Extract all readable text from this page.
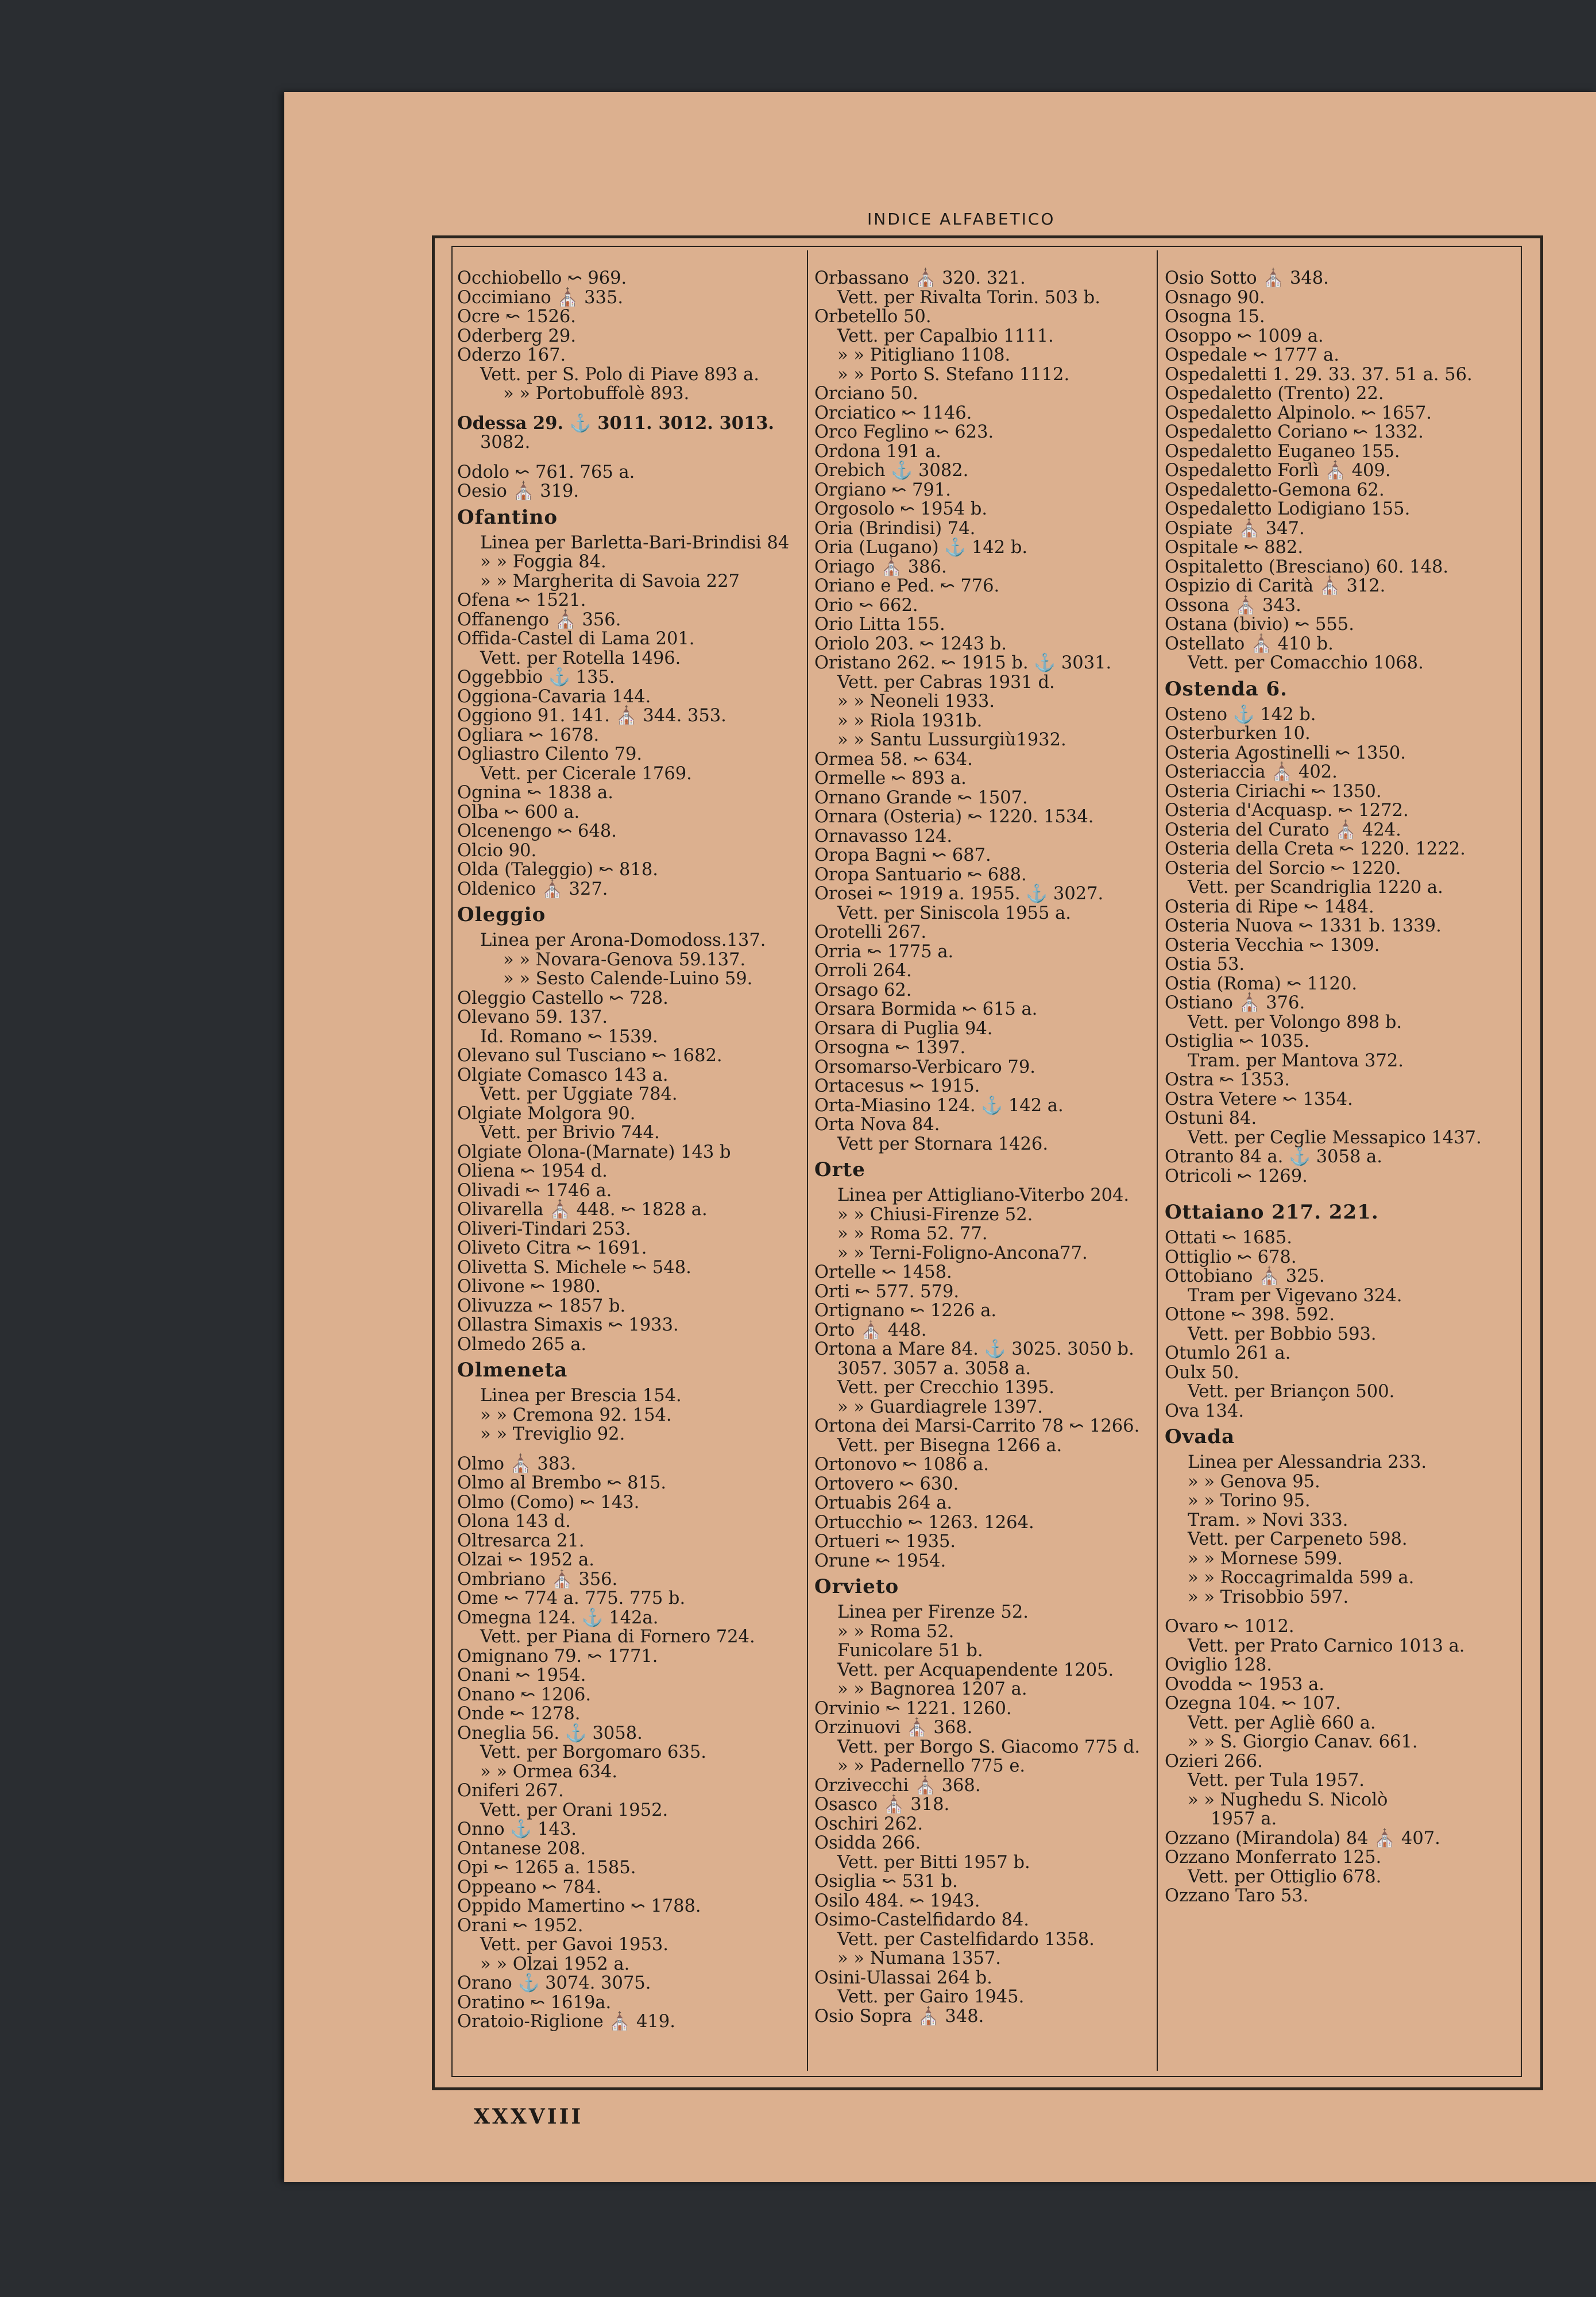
INDICE ALFABETICO
Occhiobello ↜ 969.
Occimiano ⛪ 335.
Ocre ↜ 1526.
Oderberg 29.
Oderzo 167.
Vett. per S. Polo di Piave 893 a.
» » Portobuffolè 893.
Odessa 29. ⚓ 3011. 3012. 3013.
3082.
Odolo ↜ 761. 765 a.
Oesio ⛪ 319.
Ofantino
Linea per Barletta-Bari-Brindisi 84
» » Foggia 84.
» » Margherita di Savoia 227
Ofena ↜ 1521.
Offanengo ⛪ 356.
Offida-Castel di Lama 201.
Vett. per Rotella 1496.
Oggebbio ⚓ 135.
Oggiona-Cavaria 144.
Oggiono 91. 141. ⛪ 344. 353.
Ogliara ↜ 1678.
Ogliastro Cilento 79.
Vett. per Cicerale 1769.
Ognina ↜ 1838 a.
Olba ↜ 600 a.
Olcenengo ↜ 648.
Olcio 90.
Olda (Taleggio) ↜ 818.
Oldenico ⛪ 327.
Oleggio
Linea per Arona-Domodoss.137.
» » Novara-Genova 59.137.
» » Sesto Calende-Luino 59.
Oleggio Castello ↜ 728.
Olevano 59. 137.
Id. Romano ↜ 1539.
Olevano sul Tusciano ↜ 1682.
Olgiate Comasco 143 a.
Vett. per Uggiate 784.
Olgiate Molgora 90.
Vett. per Brivio 744.
Olgiate Olona-(Marnate) 143 b
Oliena ↜ 1954 d.
Olivadi ↜ 1746 a.
Olivarella ⛪ 448. ↜ 1828 a.
Oliveri-Tindari 253.
Oliveto Citra ↜ 1691.
Olivetta S. Michele ↜ 548.
Olivone ↜ 1980.
Olivuzza ↜ 1857 b.
Ollastra Simaxis ↜ 1933.
Olmedo 265 a.
Olmeneta
Linea per Brescia 154.
» » Cremona 92. 154.
» » Treviglio 92.
Olmo ⛪ 383.
Olmo al Brembo ↜ 815.
Olmo (Como) ↜ 143.
Olona 143 d.
Oltresarca 21.
Olzai ↜ 1952 a.
Ombriano ⛪ 356.
Ome ↜ 774 a. 775. 775 b.
Omegna 124. ⚓ 142a.
Vett. per Piana di Fornero 724.
Omignano 79. ↜ 1771.
Onani ↜ 1954.
Onano ↜ 1206.
Onde ↜ 1278.
Oneglia 56. ⚓ 3058.
Vett. per Borgomaro 635.
» » Ormea 634.
Oniferi 267.
Vett. per Orani 1952.
Onno ⚓ 143.
Ontanese 208.
Opi ↜ 1265 a. 1585.
Oppeano ↜ 784.
Oppido Mamertino ↜ 1788.
Orani ↜ 1952.
Vett. per Gavoi 1953.
» » Olzai 1952 a.
Orano ⚓ 3074. 3075.
Oratino ↜ 1619a.
Oratoio-Riglione ⛪ 419.
Orbassano ⛪ 320. 321.
Vett. per Rivalta Torin. 503 b.
Orbetello 50.
Vett. per Capalbio 1111.
» » Pitigliano 1108.
» » Porto S. Stefano 1112.
Orciano 50.
Orciatico ↜ 1146.
Orco Feglino ↜ 623.
Ordona 191 a.
Orebich ⚓ 3082.
Orgiano ↜ 791.
Orgosolo ↜ 1954 b.
Oria (Brindisi) 74.
Oria (Lugano) ⚓ 142 b.
Oriago ⛪ 386.
Oriano e Ped. ↜ 776.
Orio ↜ 662.
Orio Litta 155.
Oriolo 203. ↜ 1243 b.
Oristano 262. ↜ 1915 b. ⚓ 3031.
Vett. per Cabras 1931 d.
» » Neoneli 1933.
» » Riola 1931b.
» » Santu Lussurgiù1932.
Ormea 58. ↜ 634.
Ormelle ↜ 893 a.
Ornano Grande ↜ 1507.
Ornara (Osteria) ↜ 1220. 1534.
Ornavasso 124.
Oropa Bagni ↜ 687.
Oropa Santuario ↜ 688.
Orosei ↜ 1919 a. 1955. ⚓ 3027.
Vett. per Siniscola 1955 a.
Orotelli 267.
Orria ↜ 1775 a.
Orroli 264.
Orsago 62.
Orsara Bormida ↜ 615 a.
Orsara di Puglia 94.
Orsogna ↜ 1397.
Orsomarso-Verbicaro 79.
Ortacesus ↜ 1915.
Orta-Miasino 124. ⚓ 142 a.
Orta Nova 84.
Vett per Stornara 1426.
Orte
Linea per Attigliano-Viterbo 204.
» » Chiusi-Firenze 52.
» » Roma 52. 77.
» » Terni-Foligno-Ancona77.
Ortelle ↜ 1458.
Orti ↜ 577. 579.
Ortignano ↜ 1226 a.
Orto ⛪ 448.
Ortona a Mare 84. ⚓ 3025. 3050 b.
3057. 3057 a. 3058 a.
Vett. per Crecchio 1395.
» » Guardiagrele 1397.
Ortona dei Marsi-Carrito 78 ↜ 1266.
Vett. per Bisegna 1266 a.
Ortonovo ↜ 1086 a.
Ortovero ↜ 630.
Ortuabis 264 a.
Ortucchio ↜ 1263. 1264.
Ortueri ↜ 1935.
Orune ↜ 1954.
Orvieto
Linea per Firenze 52.
» » Roma 52.
Funicolare 51 b.
Vett. per Acquapendente 1205.
» » Bagnorea 1207 a.
Orvinio ↜ 1221. 1260.
Orzinuovi ⛪ 368.
Vett. per Borgo S. Giacomo 775 d.
» » Padernello 775 e.
Orzivecchi ⛪ 368.
Osasco ⛪ 318.
Oschiri 262.
Osidda 266.
Vett. per Bitti 1957 b.
Osiglia ↜ 531 b.
Osilo 484. ↜ 1943.
Osimo-Castelfidardo 84.
Vett. per Castelfidardo 1358.
» » Numana 1357.
Osini-Ulassai 264 b.
Vett. per Gairo 1945.
Osio Sopra ⛪ 348.
Osio Sotto ⛪ 348.
Osnago 90.
Osogna 15.
Osoppo ↜ 1009 a.
Ospedale ↜ 1777 a.
Ospedaletti 1. 29. 33. 37. 51 a. 56.
Ospedaletto (Trento) 22.
Ospedaletto Alpinolo. ↜ 1657.
Ospedaletto Coriano ↜ 1332.
Ospedaletto Euganeo 155.
Ospedaletto Forlì ⛪ 409.
Ospedaletto-Gemona 62.
Ospedaletto Lodigiano 155.
Ospiate ⛪ 347.
Ospitale ↜ 882.
Ospitaletto (Bresciano) 60. 148.
Ospizio di Carità ⛪ 312.
Ossona ⛪ 343.
Ostana (bivio) ↜ 555.
Ostellato ⛪ 410 b.
Vett. per Comacchio 1068.
Ostenda 6.
Osteno ⚓ 142 b.
Osterburken 10.
Osteria Agostinelli ↜ 1350.
Osteriaccia ⛪ 402.
Osteria Ciriachi ↜ 1350.
Osteria d'Acquasp. ↜ 1272.
Osteria del Curato ⛪ 424.
Osteria della Creta ↜ 1220. 1222.
Osteria del Sorcio ↜ 1220.
Vett. per Scandriglia 1220 a.
Osteria di Ripe ↜ 1484.
Osteria Nuova ↜ 1331 b. 1339.
Osteria Vecchia ↜ 1309.
Ostia 53.
Ostia (Roma) ↜ 1120.
Ostiano ⛪ 376.
Vett. per Volongo 898 b.
Ostiglia ↜ 1035.
Tram. per Mantova 372.
Ostra ↜ 1353.
Ostra Vetere ↜ 1354.
Ostuni 84.
Vett. per Ceglie Messapico 1437.
Otranto 84 a. ⚓ 3058 a.
Otricoli ↜ 1269.
Ottaiano 217. 221.
Ottati ↜ 1685.
Ottiglio ↜ 678.
Ottobiano ⛪ 325.
Tram per Vigevano 324.
Ottone ↜ 398. 592.
Vett. per Bobbio 593.
Otumlo 261 a.
Oulx 50.
Vett. per Briançon 500.
Ova 134.
Ovada
Linea per Alessandria 233.
» » Genova 95.
» » Torino 95.
Tram. » Novi 333.
Vett. per Carpeneto 598.
» » Mornese 599.
» » Roccagrimalda 599 a.
» » Trisobbio 597.
Ovaro ↜ 1012.
Vett. per Prato Carnico 1013 a.
Oviglio 128.
Ovodda ↜ 1953 a.
Ozegna 104. ↜ 107.
Vett. per Agliè 660 a.
» » S. Giorgio Canav. 661.
Ozieri 266.
Vett. per Tula 1957.
» » Nughedu S. Nicolò
1957 a.
Ozzano (Mirandola) 84 ⛪ 407.
Ozzano Monferrato 125.
Vett. per Ottiglio 678.
Ozzano Taro 53.
XXXVIII
